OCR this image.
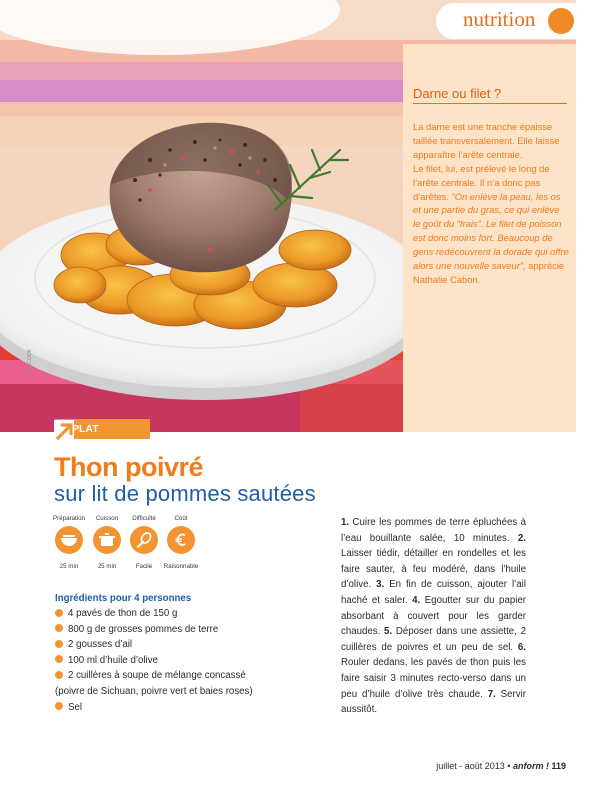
nutrition
Darne ou filet ?

La darne est une tranche épaisse taillée transversalement. Elle laisse apparaître l’arête centrale.

Le filet, lui, est prélevé le long de l’arête centrale. Il n’a donc pas d’arêtes. “On enlève la peau, les os et une partie du gras, ce qui enlève le goût du “frais”. Le filet de poisson est donc moins fort. Beaucoup de gens redécouvrent la dorade qui offre alors une nouvelle saveur”, apprécie Nathalie Cabon.

© SCOOK
PLAT
Thon poivré
sur lit de pommes sautées
Préparation
25 min
Cuisson
25 min
Difficulté
Facile
Coût
Raisonnable
Ingrédients pour 4 personnes
4 pavés de thon de 150 g
800 g de grosses pommes de terre
2 gousses d’ail
100 ml d’huile d’olive
2 cuillères à soupe de mélange concassé
(poivre de Sichuan, poivre vert et baies roses)
Sel
1. Cuire les pommes de terre épluchées à l’eau bouillante salée, 10 minutes. 2. Laisser tiédir, détailler en rondelles et les faire sauter, à feu modéré, dans l’huile d’olive. 3. En fin de cuisson, ajouter l’ail haché et saler. 4. Egoutter sur du papier absorbant à couvert pour les garder chaudes. 5. Déposer dans une assiette, 2 cuillères de poivres et un peu de sel. 6. Rouler dedans, les pavés de thon puis les faire saisir 3 minutes recto-verso dans un peu d’huile d’olive très chaude. 7. Servir aussitôt.
juillet - août 2013 • anform ! 119
